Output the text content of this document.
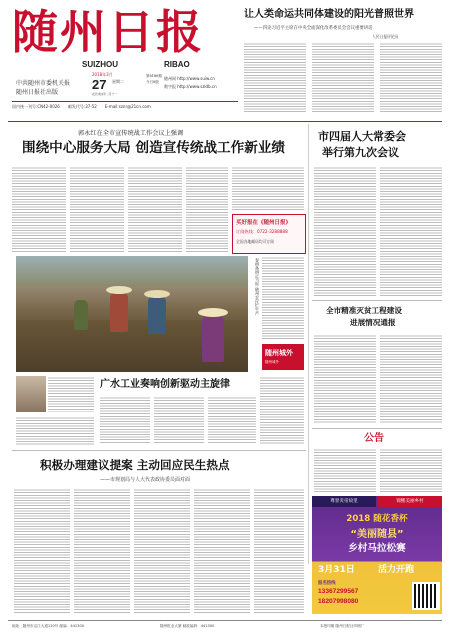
随州日报
SUIZHOU	RIBAO
中共随州市委机关报
随州日报社出版
2018年3月
27 星期二
农历戊戌年二月十一
第8186期
今日8版
随州网 http://www.suiw.cn
数字报 http://www.szldb.cn
国内统一刊号:CN42-0026 邮发代号:37-52 E-mail:sznr@21cn.com
让人类命运共同体建设的阳光普照世界
——四论习近平主席在中央全面深化改革委员会会议重要讲话
人民日报评论员
郭永红在全市宣传统战工作会议上强调
围绕中心服务大局 创造宣传统战工作新业绩
买好报在《随州日报》
订阅热线：0722-3288888
全国各地邮局均可订阅
市四届人大常委会
举行第九次会议
春耕备耕正当时 随州农民忙生产
随州城外
随州城外
广水工业奏响创新驱动主旋律
积极办理建议提案 主动回应民生热点
——市规划局与人大代表政协委员面对面
全市精准灭贫工程建设
进展情况通报
公告
尊誉炎帝故里	锦鲤美丽乡村
2018 随花香杯
“美丽随县”
乡村马拉松赛
3月31日	活力开跑
报名热线
13367299567
18207998080
地址：随州市沿江大道120号 邮编：441300	随州报业大厦 邮政编码：441300	本报印刷 随州日报社印刷厂
